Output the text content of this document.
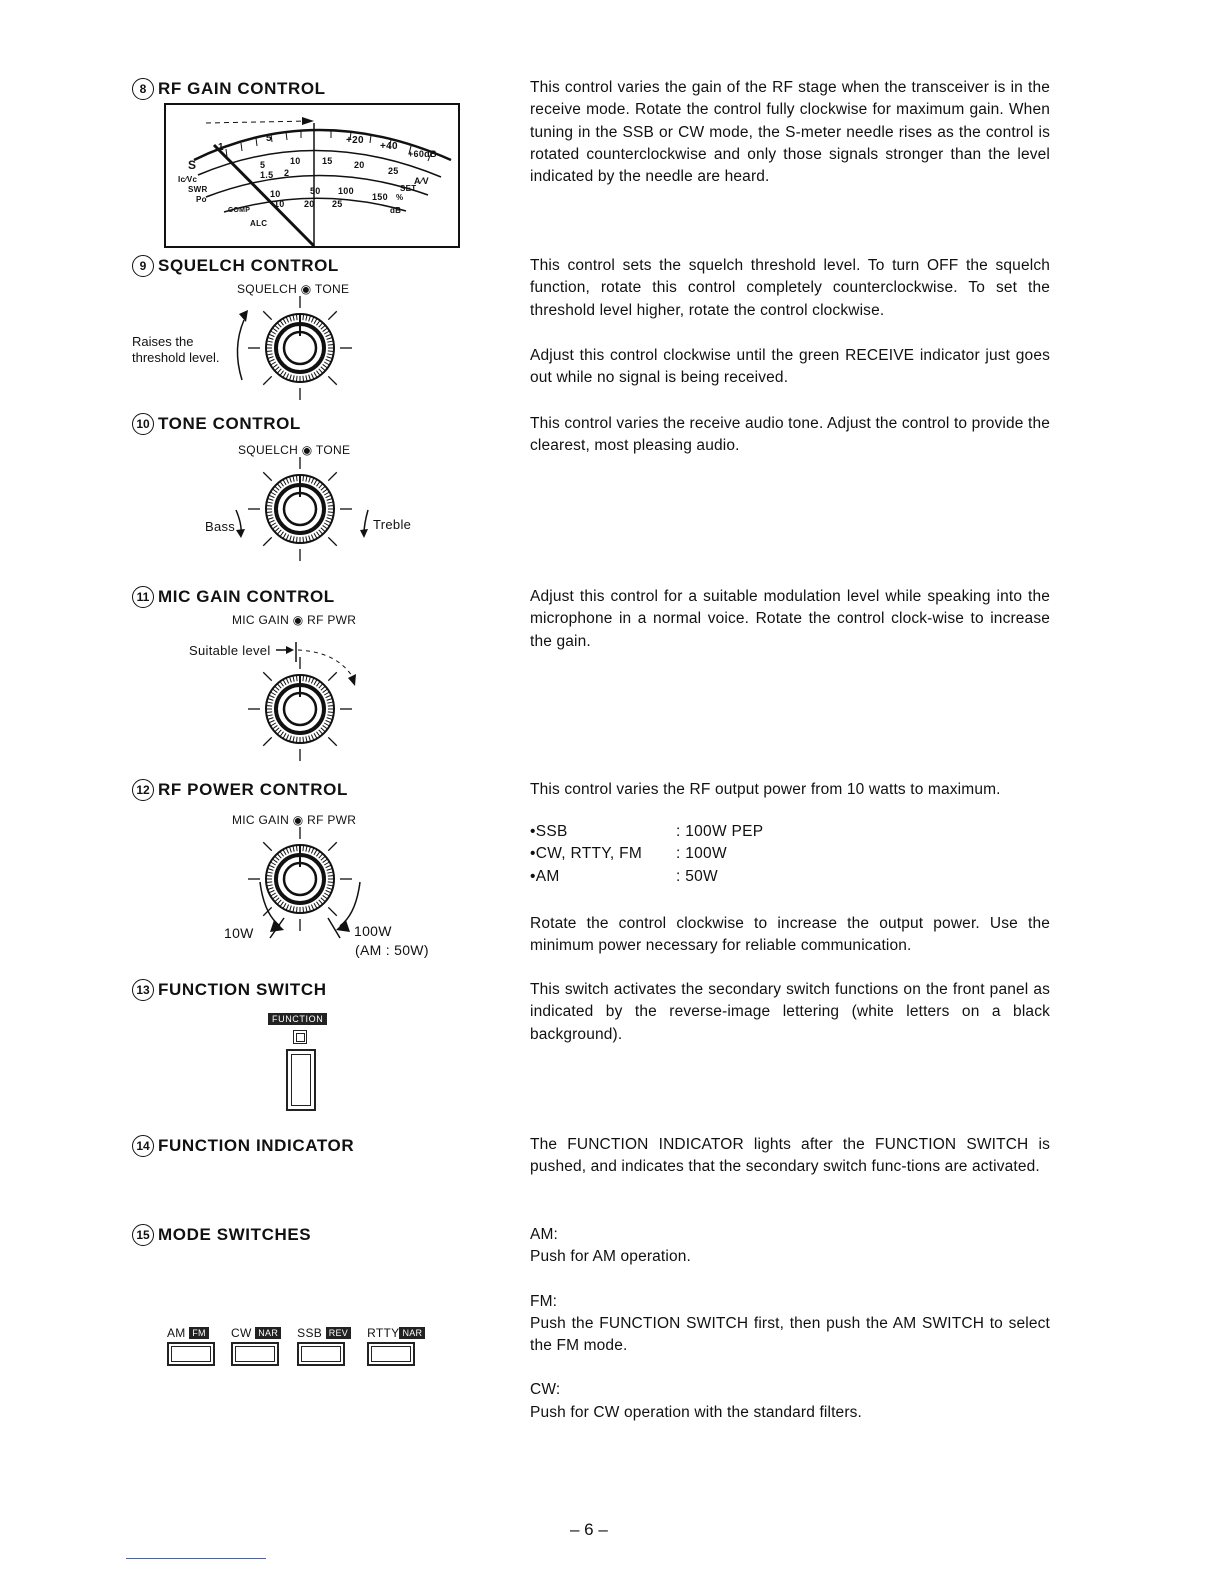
8 RF GAIN CONTROL
S
1
5	+20
+40
+60dB
Ic⁄Vc
5	10 15 20
25
A⁄V
SWR
1.5 2
Po
10	50 100
150
SET
COMP
10 20 25
%
ALC
dB
This control varies the gain of the RF stage when the transceiver is in the receive mode. Rotate the control fully clockwise for maximum gain. When tuning in the SSB or CW mode, the S-meter needle rises as the control is rotated counterclockwise and only those signals stronger than the level indicated by the needle are heard.
9 SQUELCH CONTROL
SQUELCH ◉ TONE
Raises the
threshold level.
This control sets the squelch threshold level. To turn OFF the squelch function, rotate this control completely counterclockwise. To set the threshold level higher, rotate the control clockwise.
Adjust this control clockwise until the green RECEIVE indicator just goes out while no signal is being received.
10 TONE CONTROL
SQUELCH ◉ TONE
Bass	Treble
This control varies the receive audio tone. Adjust the control to provide the clearest, most pleasing audio.
11 MIC GAIN CONTROL
MIC GAIN ◉ RF PWR
Suitable level
Adjust this control for a suitable modulation level while speaking into the microphone in a normal voice. Rotate the control clock-wise to increase the gain.
12 RF POWER CONTROL
MIC GAIN ◉ RF PWR
10W	100W
(AM : 50W)
This control varies the RF output power from 10 watts to maximum.
•SSB	: 100W PEP
•CW, RTTY, FM : 100W
•AM	: 50W
Rotate the control clockwise to increase the output power. Use the minimum power necessary for reliable communication.
13 FUNCTION SWITCH
FUNCTION
This switch activates the secondary switch functions on the front panel as indicated by the reverse-image lettering (white letters on a black background).
14 FUNCTION INDICATOR	The FUNCTION INDICATOR lights after the FUNCTION SWITCH is pushed, and indicates that the secondary switch func-tions are activated.
15 MODE SWITCHES
AM FM	CW NAR SSB REV RTTY NAR
AM:
Push for AM operation.
FM:
Push the FUNCTION SWITCH first, then push the AM SWITCH to select the FM mode.
CW:
Push for CW operation with the standard filters.
– 6 –
